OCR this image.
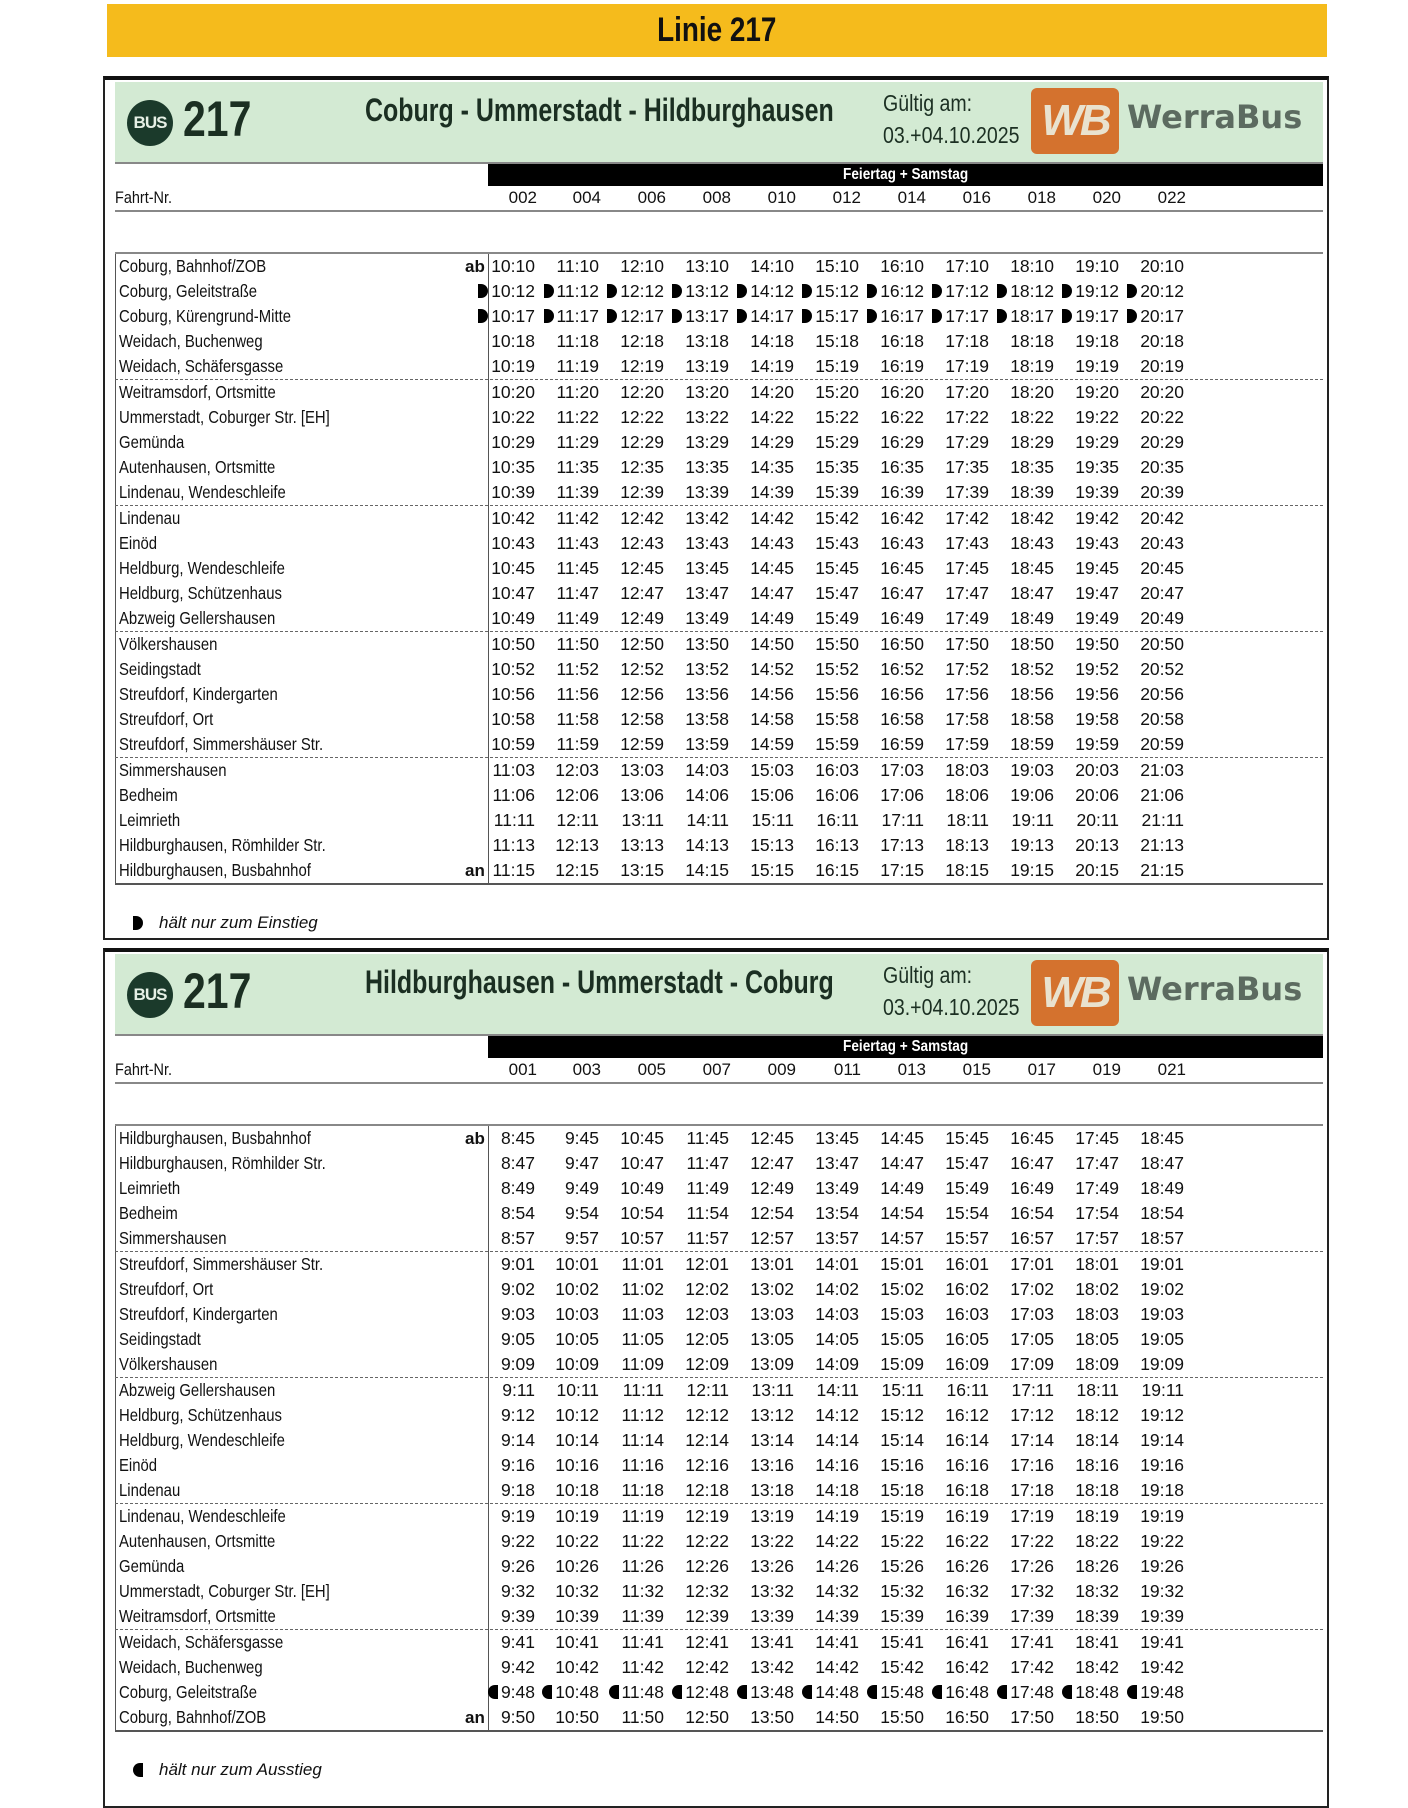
Linie 217
BUS 217	Coburg - Ummerstadt - Hildburghausen Gültig am:
03.+04.10.2025 WB WerraBus
Feiertag + Samstag
Fahrt-Nr.	002	004	006	008	010	012	014	016	018	020	022
Coburg, Bahnhof/ZOB	ab 10:10	11:10	12:10	13:10	14:10	15:10	16:10	17:10	18:10	19:10	20:10
Coburg, Geleitstraße	10:12	11:12	12:12	13:12	14:12	15:12	16:12	17:12	18:12	19:12	20:12
Coburg, Kürengrund-Mitte	10:17	11:17	12:17	13:17	14:17	15:17	16:17	17:17	18:17	19:17	20:17
Weidach, Buchenweg	10:18	11:18	12:18	13:18	14:18	15:18	16:18	17:18	18:18	19:18	20:18
Weidach, Schäfersgasse	10:19	11:19	12:19	13:19	14:19	15:19	16:19	17:19	18:19	19:19	20:19
Weitramsdorf, Ortsmitte	10:20	11:20	12:20	13:20	14:20	15:20	16:20	17:20	18:20	19:20	20:20
Ummerstadt, Coburger Str. [EH]	10:22	11:22	12:22	13:22	14:22	15:22	16:22	17:22	18:22	19:22	20:22
Gemünda	10:29	11:29	12:29	13:29	14:29	15:29	16:29	17:29	18:29	19:29	20:29
Autenhausen, Ortsmitte	10:35	11:35	12:35	13:35	14:35	15:35	16:35	17:35	18:35	19:35	20:35
Lindenau, Wendeschleife	10:39	11:39	12:39	13:39	14:39	15:39	16:39	17:39	18:39	19:39	20:39
Lindenau	10:42	11:42	12:42	13:42	14:42	15:42	16:42	17:42	18:42	19:42	20:42
Einöd	10:43	11:43	12:43	13:43	14:43	15:43	16:43	17:43	18:43	19:43	20:43
Heldburg, Wendeschleife	10:45	11:45	12:45	13:45	14:45	15:45	16:45	17:45	18:45	19:45	20:45
Heldburg, Schützenhaus	10:47	11:47	12:47	13:47	14:47	15:47	16:47	17:47	18:47	19:47	20:47
Abzweig Gellershausen	10:49	11:49	12:49	13:49	14:49	15:49	16:49	17:49	18:49	19:49	20:49
Völkershausen	10:50	11:50	12:50	13:50	14:50	15:50	16:50	17:50	18:50	19:50	20:50
Seidingstadt	10:52	11:52	12:52	13:52	14:52	15:52	16:52	17:52	18:52	19:52	20:52
Streufdorf, Kindergarten	10:56	11:56	12:56	13:56	14:56	15:56	16:56	17:56	18:56	19:56	20:56
Streufdorf, Ort	10:58	11:58	12:58	13:58	14:58	15:58	16:58	17:58	18:58	19:58	20:58
Streufdorf, Simmershäuser Str.	10:59	11:59	12:59	13:59	14:59	15:59	16:59	17:59	18:59	19:59	20:59
Simmershausen	11:03	12:03	13:03	14:03	15:03	16:03	17:03	18:03	19:03	20:03	21:03
Bedheim	11:06	12:06	13:06	14:06	15:06	16:06	17:06	18:06	19:06	20:06	21:06
Leimrieth	11:11	12:11	13:11	14:11	15:11	16:11	17:11	18:11	19:11	20:11	21:11
Hildburghausen, Römhilder Str.	11:13	12:13	13:13	14:13	15:13	16:13	17:13	18:13	19:13	20:13	21:13
Hildburghausen, Busbahnhof	an 11:15	12:15	13:15	14:15	15:15	16:15	17:15	18:15	19:15	20:15	21:15
hält nur zum Einstieg
BUS 217	Hildburghausen - Ummerstadt - Coburg Gültig am:
03.+04.10.2025 WB WerraBus
Feiertag + Samstag
Fahrt-Nr.	001	003	005	007	009	011	013	015	017	019	021
Hildburghausen, Busbahnhof	ab 8:45	9:45	10:45	11:45	12:45	13:45	14:45	15:45	16:45	17:45	18:45
Hildburghausen, Römhilder Str.	8:47	9:47	10:47	11:47	12:47	13:47	14:47	15:47	16:47	17:47	18:47
Leimrieth	8:49	9:49	10:49	11:49	12:49	13:49	14:49	15:49	16:49	17:49	18:49
Bedheim	8:54	9:54	10:54	11:54	12:54	13:54	14:54	15:54	16:54	17:54	18:54
Simmershausen	8:57	9:57	10:57	11:57	12:57	13:57	14:57	15:57	16:57	17:57	18:57
Streufdorf, Simmershäuser Str.	9:01	10:01	11:01	12:01	13:01	14:01	15:01	16:01	17:01	18:01	19:01
Streufdorf, Ort	9:02	10:02	11:02	12:02	13:02	14:02	15:02	16:02	17:02	18:02	19:02
Streufdorf, Kindergarten	9:03	10:03	11:03	12:03	13:03	14:03	15:03	16:03	17:03	18:03	19:03
Seidingstadt	9:05	10:05	11:05	12:05	13:05	14:05	15:05	16:05	17:05	18:05	19:05
Völkershausen	9:09	10:09	11:09	12:09	13:09	14:09	15:09	16:09	17:09	18:09	19:09
Abzweig Gellershausen	9:11	10:11	11:11	12:11	13:11	14:11	15:11	16:11	17:11	18:11	19:11
Heldburg, Schützenhaus	9:12	10:12	11:12	12:12	13:12	14:12	15:12	16:12	17:12	18:12	19:12
Heldburg, Wendeschleife	9:14	10:14	11:14	12:14	13:14	14:14	15:14	16:14	17:14	18:14	19:14
Einöd	9:16	10:16	11:16	12:16	13:16	14:16	15:16	16:16	17:16	18:16	19:16
Lindenau	9:18	10:18	11:18	12:18	13:18	14:18	15:18	16:18	17:18	18:18	19:18
Lindenau, Wendeschleife	9:19	10:19	11:19	12:19	13:19	14:19	15:19	16:19	17:19	18:19	19:19
Autenhausen, Ortsmitte	9:22	10:22	11:22	12:22	13:22	14:22	15:22	16:22	17:22	18:22	19:22
Gemünda	9:26	10:26	11:26	12:26	13:26	14:26	15:26	16:26	17:26	18:26	19:26
Ummerstadt, Coburger Str. [EH]	9:32	10:32	11:32	12:32	13:32	14:32	15:32	16:32	17:32	18:32	19:32
Weitramsdorf, Ortsmitte	9:39	10:39	11:39	12:39	13:39	14:39	15:39	16:39	17:39	18:39	19:39
Weidach, Schäfersgasse	9:41	10:41	11:41	12:41	13:41	14:41	15:41	16:41	17:41	18:41	19:41
Weidach, Buchenweg	9:42	10:42	11:42	12:42	13:42	14:42	15:42	16:42	17:42	18:42	19:42
Coburg, Geleitstraße	9:48	10:48	11:48	12:48	13:48	14:48	15:48	16:48	17:48	18:48	19:48
Coburg, Bahnhof/ZOB	an 9:50	10:50	11:50	12:50	13:50	14:50	15:50	16:50	17:50	18:50	19:50
hält nur zum Ausstieg
